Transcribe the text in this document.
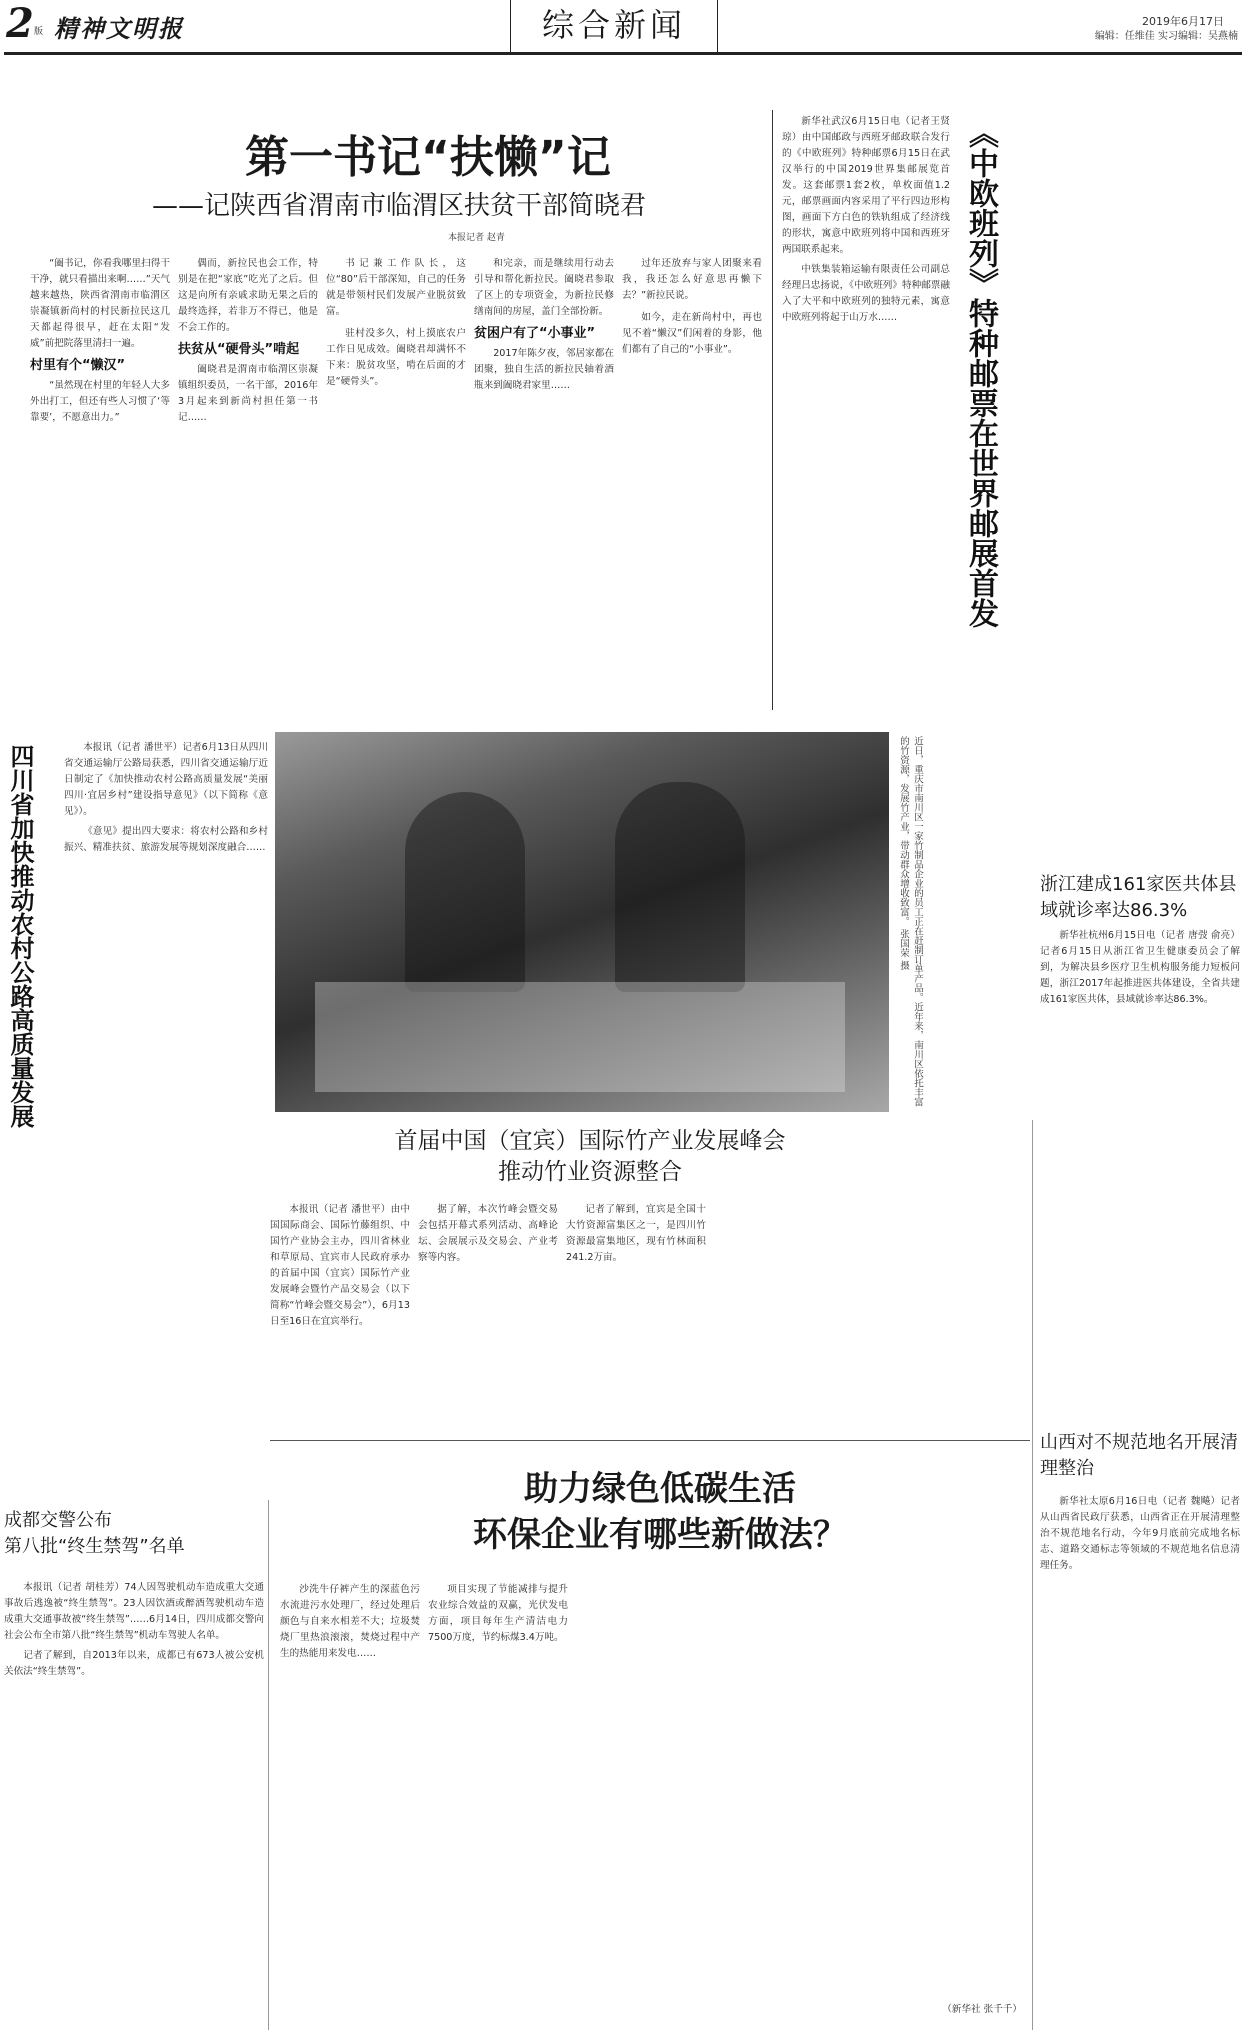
2 版 精神文明报	综合新闻	2019年6月17日
编辑：任维佳 实习编辑：吴燕楠
第一书记“扶懒”记
——记陕西省渭南市临渭区扶贫干部简晓君
本报记者 赵青

“阖书记，你看我哪里扫得干干净，就只看描出来啊……”天气越来越热，陕西省渭南市临渭区崇凝镇新尚村的村民新拉民这几天都起得很早，赶在太阳“发威”前把院落里清扫一遍。

村里有个“懒汉”

“虽然现在村里的年轻人大多外出打工，但还有些人习惯了‘等靠要’，不愿意出力。”

偶而，新拉民也会工作，特别是在把“家底”吃光了之后。但这是向所有亲戚求助无果之后的最终选择，若非万不得已，他是不会工作的。

扶贫从“硬骨头”啃起

阖晓君是渭南市临渭区崇凝镇组织委员，一名干部，2016年3月起来到新尚村担任第一书记……

书记兼工作队长，这位“80”后干部深知，自己的任务就是带领村民们发展产业脱贫致富。

驻村没多久，村上摸底农户工作日见成效。阖晓君却满怀不下来：脱贫攻坚，啃在后面的才是“硬骨头”。

和完亲，而是继续用行动去引导和帮化新拉民。阖晓君参取了区上的专项资金，为新拉民修缮南间的房屋，盖门全部扮新。

贫困户有了“小事业”

2017年陈夕夜，邻居家都在团聚，独自生活的新拉民轴着酒瓶来到阖晓君家里……

过年还放弃与家人团聚来看我，我还怎么好意思再懒下去？”新拉民说。

如今，走在新尚村中，再也见不着“懒汉”们闲着的身影，他们都有了自己的“小事业”。

新华社武汉6月15日电（记者王贤琼）由中国邮政与西班牙邮政联合发行的《中欧班列》特种邮票6月15日在武汉举行的中国2019世界集邮展览首发。这套邮票1套2枚，单枚面值1.2元，邮票画面内容采用了平行四边形构图，画面下方白色的铁轨组成了经济线的形状，寓意中欧班列将中国和西班牙两国联系起来。

中铁集装箱运输有限责任公司副总经理吕忠扬说，《中欧班列》特种邮票融入了大平和中欧班列的独特元素，寓意中欧班列将起于山万水……	《中欧班列》特种邮票在世界邮展首发
近日，重庆市南川区一家竹制品企业的员工正在赶制订单产品。近年来，南川区依托丰富的竹资源，发展竹产业，带动群众增收致富。 张国荣 摄
四川省加快推动农村公路高质量发展	本报讯（记者 潘世平）记者6月13日从四川省交通运输厅公路局获悉，四川省交通运输厅近日制定了《加快推动农村公路高质量发展“美丽四川·宜居乡村”建设指导意见》（以下简称《意见》）。

《意见》提出四大要求：将农村公路和乡村振兴、精准扶贫、旅游发展等规划深度融合……

浙江建成161家医共体县域就诊率达86.3%

新华社杭州6月15日电（记者 唐弢 俞亮）记者6月15日从浙江省卫生健康委员会了解到，为解决县乡医疗卫生机构服务能力短板问题，浙江2017年起推进医共体建设，全省共建成161家医共体，县域就诊率达86.3%。

首届中国（宜宾）国际竹产业发展峰会
推动竹业资源整合

本报讯（记者 潘世平）由中国国际商会、国际竹藤组织、中国竹产业协会主办，四川省林业和草原局、宜宾市人民政府承办的首届中国（宜宾）国际竹产业发展峰会暨竹产品交易会（以下简称“竹峰会暨交易会”），6月13日至16日在宜宾举行。

据了解，本次竹峰会暨交易会包括开幕式系列活动、高峰论坛、会展展示及交易会、产业考察等内容。

记者了解到，宜宾是全国十大竹资源富集区之一，是四川竹资源最富集地区，现有竹林面积241.2万亩。

山西对不规范地名开展清理整治

新华社太原6月16日电（记者 魏飚）记者从山西省民政厅获悉，山西省正在开展清理整治不规范地名行动，今年9月底前完成地名标志、道路交通标志等领域的不规范地名信息清理任务。

成都交警公布
第八批“终生禁驾”名单

本报讯（记者 胡桂芳）74人因驾驶机动车造成重大交通事故后逃逸被“终生禁驾”。23人因饮酒或醉酒驾驶机动车造成重大交通事故被“终生禁驾”……6月14日，四川成都交警向社会公布全市第八批“终生禁驾”机动车驾驶人名单。

记者了解到，自2013年以来，成都已有673人被公安机关依法“终生禁驾”。

助力绿色低碳生活
环保企业有哪些新做法？

沙洗牛仔裤产生的深蓝色污水流进污水处理厂，经过处理后颜色与自来水相差不大；垃圾焚烧厂里热浪滚滚，焚烧过程中产生的热能用来发电……

项目实现了节能减排与提升农业综合效益的双赢，光伏发电方面，项目每年生产清洁电力7500万度，节约标煤3.4万吨。

（新华社 张千千）
